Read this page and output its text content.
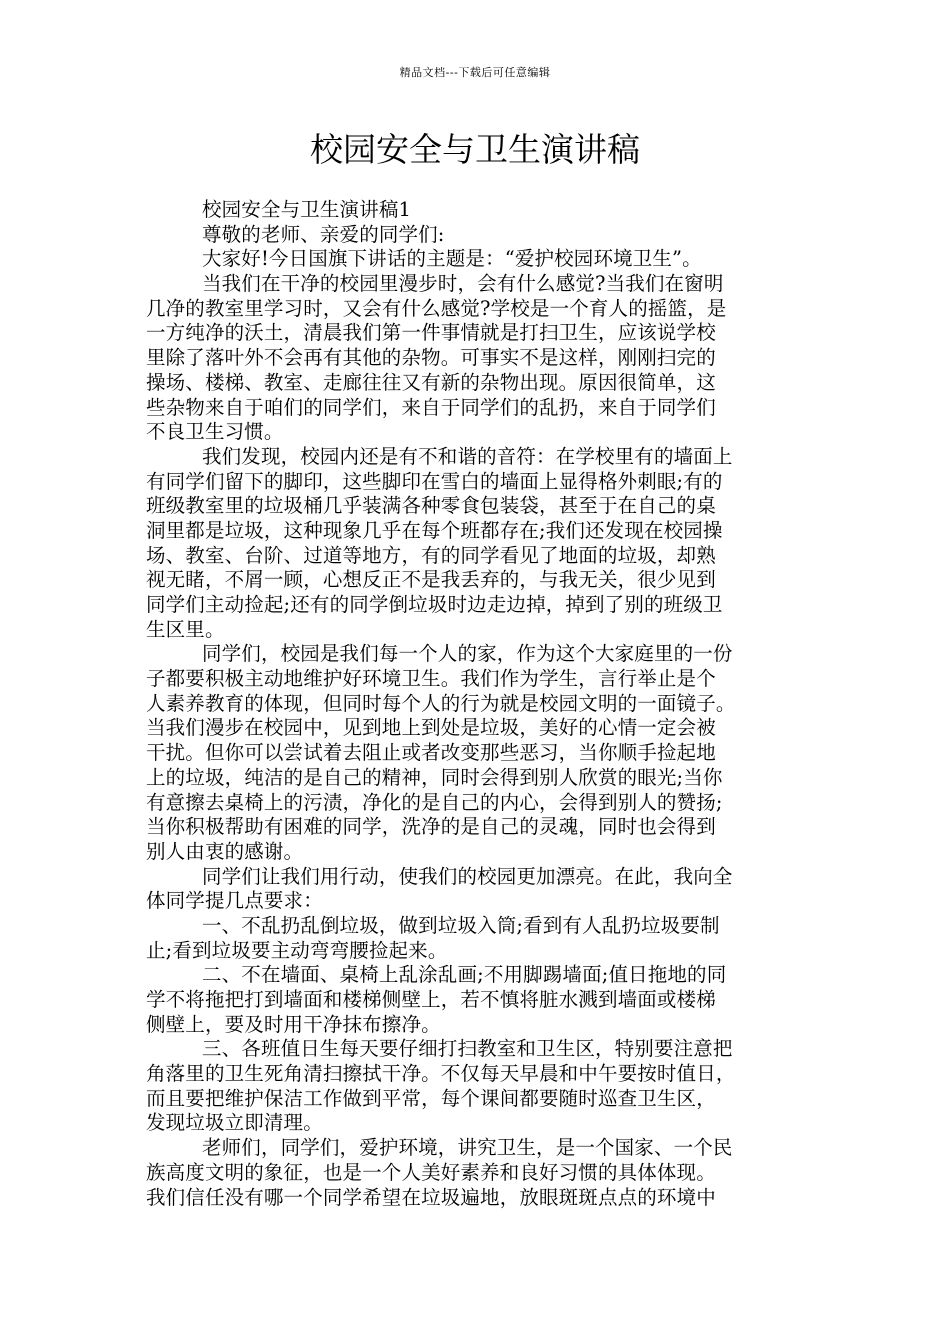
精品文档---下载后可任意编辑
校园安全与卫生演讲稿
校园安全与卫生演讲稿1
尊敬的老师、亲爱的同学们:
大家好!今日国旗下讲话的主题是：“爱护校园环境卫生”。
当我们在干净的校园里漫步时，会有什么感觉?当我们在窗明
几净的教室里学习时，又会有什么感觉?学校是一个育人的摇篮，是
一方纯净的沃土，清晨我们第一件事情就是打扫卫生，应该说学校
里除了落叶外不会再有其他的杂物。可事实不是这样，刚刚扫完的
操场、楼梯、教室、走廊往往又有新的杂物出现。原因很简单，这
些杂物来自于咱们的同学们，来自于同学们的乱扔，来自于同学们
不良卫生习惯。
我们发现，校园内还是有不和谐的音符：在学校里有的墙面上
有同学们留下的脚印，这些脚印在雪白的墙面上显得格外刺眼;有的
班级教室里的垃圾桶几乎装满各种零食包装袋，甚至于在自己的桌
洞里都是垃圾，这种现象几乎在每个班都存在;我们还发现在校园操
场、教室、台阶、过道等地方，有的同学看见了地面的垃圾，却熟
视无睹，不屑一顾，心想反正不是我丢弃的，与我无关，很少见到
同学们主动捡起;还有的同学倒垃圾时边走边掉，掉到了别的班级卫
生区里。
同学们，校园是我们每一个人的家，作为这个大家庭里的一份
子都要积极主动地维护好环境卫生。我们作为学生，言行举止是个
人素养教育的体现，但同时每个人的行为就是校园文明的一面镜子。
当我们漫步在校园中，见到地上到处是垃圾，美好的心情一定会被
干扰。但你可以尝试着去阻止或者改变那些恶习，当你顺手捡起地
上的垃圾，纯洁的是自己的精神，同时会得到别人欣赏的眼光;当你
有意擦去桌椅上的污渍，净化的是自己的内心，会得到别人的赞扬;
当你积极帮助有困难的同学，洗净的是自己的灵魂，同时也会得到
别人由衷的感谢。
同学们让我们用行动，使我们的校园更加漂亮。在此，我向全
体同学提几点要求：
一、不乱扔乱倒垃圾，做到垃圾入筒;看到有人乱扔垃圾要制
止;看到垃圾要主动弯弯腰捡起来。
二、不在墙面、桌椅上乱涂乱画;不用脚踢墙面;值日拖地的同
学不将拖把打到墙面和楼梯侧壁上，若不慎将脏水溅到墙面或楼梯
侧壁上，要及时用干净抹布擦净。
三、各班值日生每天要仔细打扫教室和卫生区，特别要注意把
角落里的卫生死角清扫擦拭干净。不仅每天早晨和中午要按时值日，
而且要把维护保洁工作做到平常，每个课间都要随时巡查卫生区，
发现垃圾立即清理。
老师们，同学们，爱护环境，讲究卫生，是一个国家、一个民
族高度文明的象征，也是一个人美好素养和良好习惯的具体体现。
我们信任没有哪一个同学希望在垃圾遍地，放眼斑斑点点的环境中
